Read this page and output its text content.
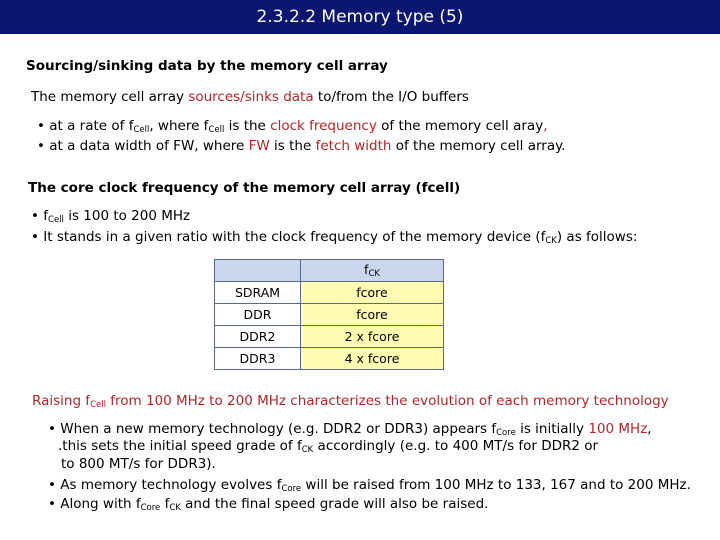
2.3.2.2 Memory type (5)
Sourcing/sinking data by the memory cell array
The memory cell array sources/sinks data to/from the I/O buffers
• at a rate of $f_{Cell}$, where $f_{Cell}$ is the clock frequency of the memory cell aray,
• at a data width of FW, where FW is the fetch width of the memory cell array.
The core clock frequency of the memory cell array (fcell)
• $f_{Cell}$ is 100 to 200 MHz
• It stands in a given ratio with the clock frequency of the memory device $(f_{CK})$ as follows:
	$f_{CK}$
SDRAM	fcore
DDR	fcore
DDR2	2 x fcore
DDR3	4 x fcore
Raising $f_{Cell}$ from 100 MHz to 200 MHz characterizes the evolution of each memory technology
• When a new memory technology (e.g. DDR2 or DDR3) appears $f_{Core}$ is initially 100 MHz,
.this sets the initial speed grade of $f_{CK}$ accordingly (e.g. to 400 MT/s for DDR2 or
to 800 MT/s for DDR3).
• As memory technology evolves $f_{Core}$ will be raised from 100 MHz to 133, 167 and to 200 MHz.
• Along with $f_{Core}$ $f_{CK}$ and the final speed grade will also be raised.
